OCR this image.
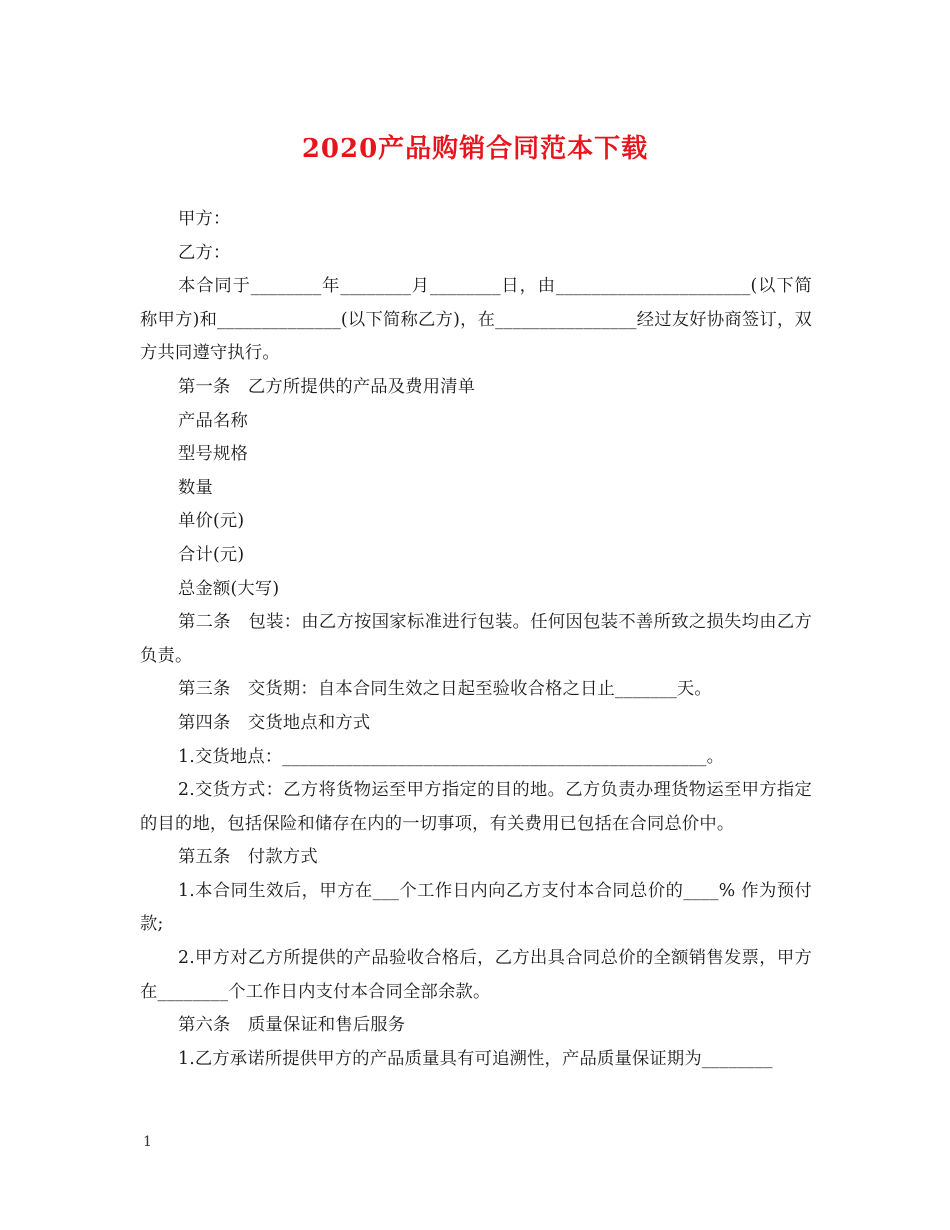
2020产品购销合同范本下载

甲方：

乙方：

本合同于________年________月________日，由______________________(以下简称甲方)和______________(以下简称乙方)，在________________经过友好协商签订，双方共同遵守执行。

第一条　乙方所提供的产品及费用清单

产品名称

型号规格

数量

单价(元)

合计(元)

总金额(大写)

第二条　包装：由乙方按国家标准进行包装。任何因包装不善所致之损失均由乙方负责。

第三条　交货期：自本合同生效之日起至验收合格之日止_______天。

第四条　交货地点和方式

1.交货地点：________________________________________________。

2.交货方式：乙方将货物运至甲方指定的目的地。乙方负责办理货物运至甲方指定的目的地，包括保险和储存在内的一切事项，有关费用已包括在合同总价中。

第五条　付款方式

1.本合同生效后，甲方在___个工作日内向乙方支付本合同总价的____% 作为预付款;

2.甲方对乙方所提供的产品验收合格后，乙方出具合同总价的全额销售发票，甲方在________个工作日内支付本合同全部余款。

第六条　质量保证和售后服务

1.乙方承诺所提供甲方的产品质量具有可追溯性，产品质量保证期为________

1
